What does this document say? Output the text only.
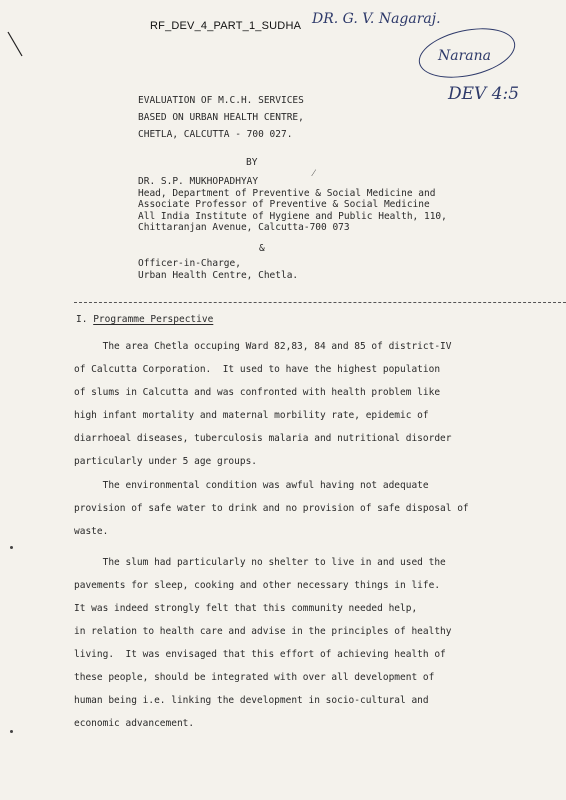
RF_DEV_4_PART_1_SUDHA DR. G. V. Nagaraj.
Narana
DEV 4:5
EVALUATION OF M.C.H. SERVICES
BASED ON URBAN HEALTH CENTRE,
CHETLA, CALCUTTA - 700 027.
BY
⁄
DR. S.P. MUKHOPADHYAY
Head, Department of Preventive & Social Medicine and
Associate Professor of Preventive & Social Medicine
All India Institute of Hygiene and Public Health, 110,
Chittaranjan Avenue, Calcutta-700 073
&
Officer-in-Charge,
Urban Health Centre, Chetla.
I. Programme Perspective
The area Chetla occuping Ward 82,83, 84 and 85 of district-IV
of Calcutta Corporation.  It used to have the highest population
of slums in Calcutta and was confronted with health problem like
high infant mortality and maternal morbility rate, epidemic of
diarrhoeal diseases, tuberculosis malaria and nutritional disorder
particularly under 5 age groups.
The environmental condition was awful having not adequate
provision of safe water to drink and no provision of safe disposal of
waste.
The slum had particularly no shelter to live in and used the
pavements for sleep, cooking and other necessary things in life.
It was indeed strongly felt that this community needed help,
in relation to health care and advise in the principles of healthy
living.  It was envisaged that this effort of achieving health of
these people, should be integrated with over all development of
human being i.e. linking the development in socio-cultural and
economic advancement.
